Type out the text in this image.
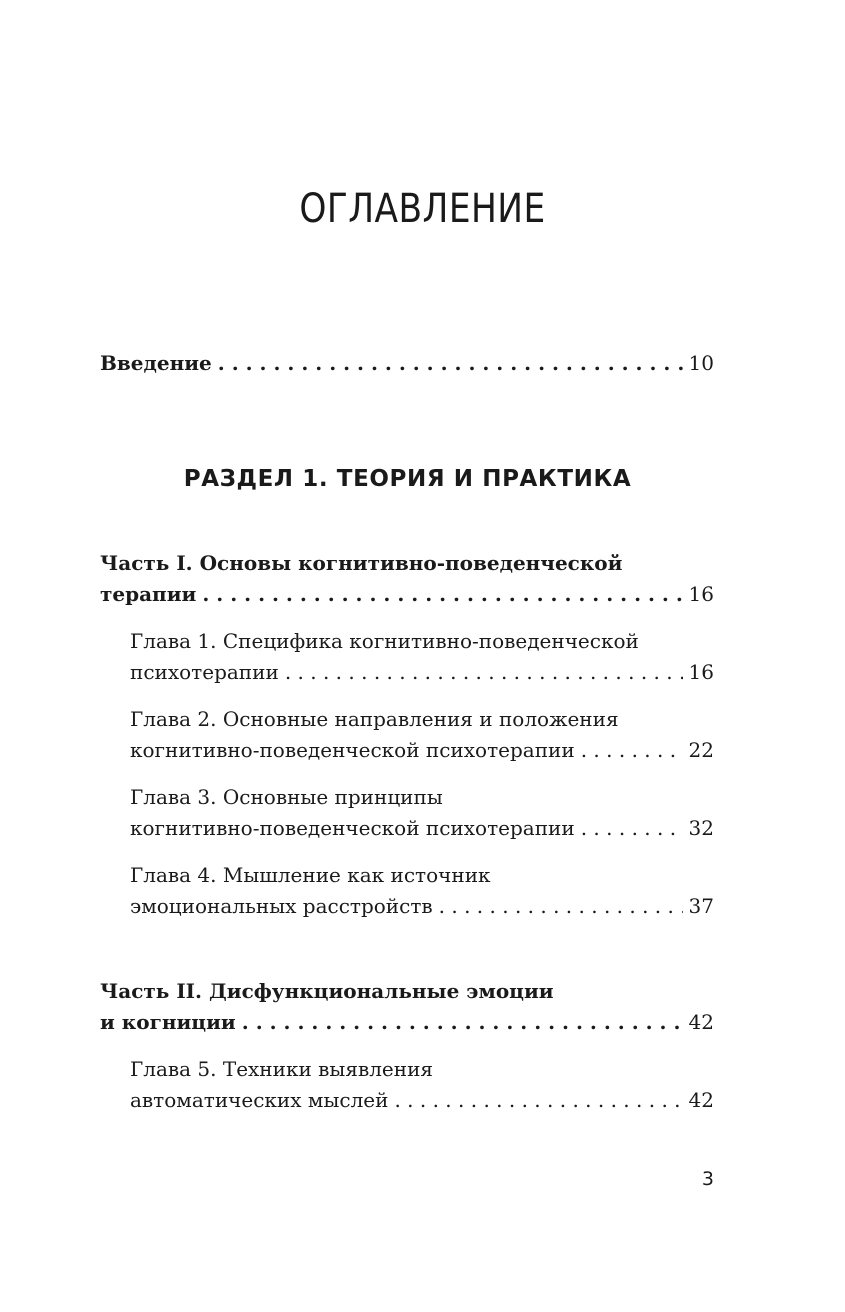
ОГЛАВЛЕНИЕ
Введение . . .	10
РАЗДЕЛ 1. ТЕОРИЯ И ПРАКТИКА
Часть I. Основы когнитивно-поведенческой
терапии . . .	16
Глава 1. Специфика когнитивно-поведенческой
психотерапии . . .	16
Глава 2. Основные направления и положения
когнитивно-поведенческой психотерапии . . .	22
Глава 3. Основные принципы
когнитивно-поведенческой психотерапии . . .	32
Глава 4. Мышление как источник
эмоциональных расстройств . . .	37
Часть II. Дисфункциональные эмоции
и когниции . . .	42
Глава 5. Техники выявления
автоматических мыслей . . .	42
3
